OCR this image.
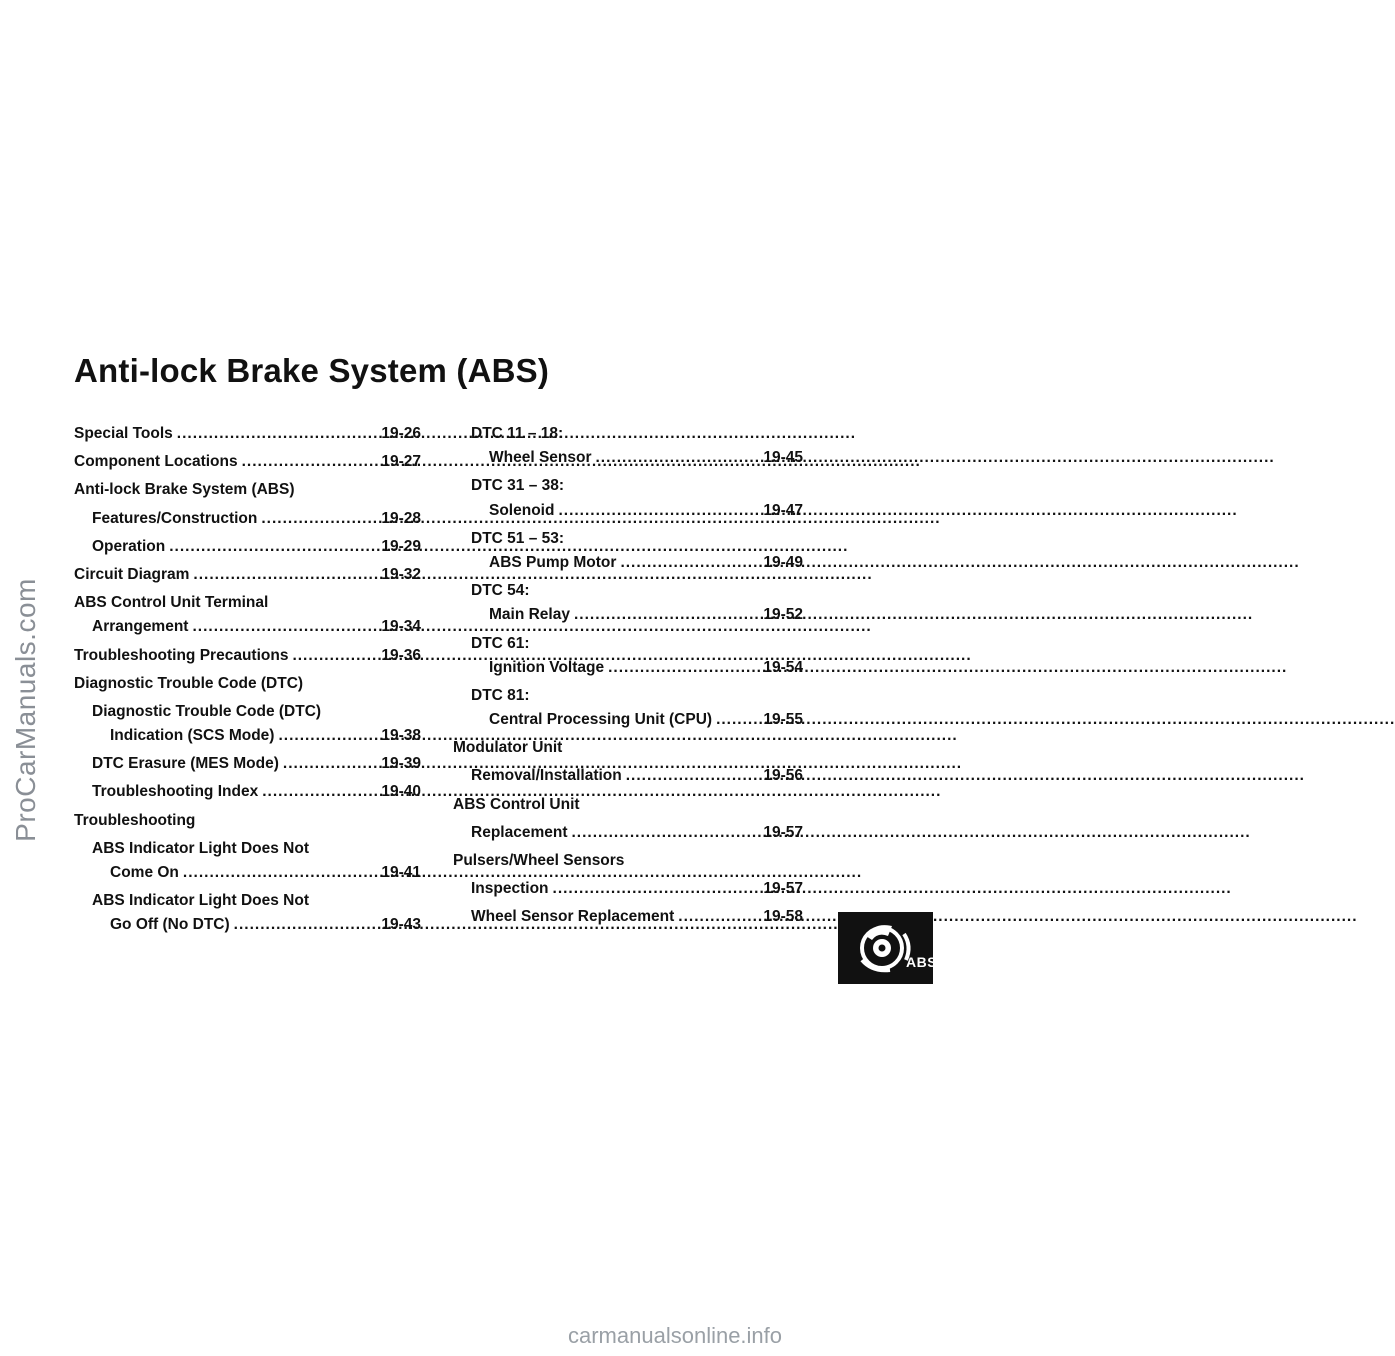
ProCarManuals.com
Anti-lock Brake System (ABS)
Special Tools .....	19-26
Component Locations .....	19-27
Anti-lock Brake System (ABS)
Features/Construction .....	19-28
Operation .....	19-29
Circuit Diagram .....	19-32
ABS Control Unit Terminal
Arrangement .....	19-34
Troubleshooting Precautions .....	19-36
Diagnostic Trouble Code (DTC)
Diagnostic Trouble Code (DTC)
Indication (SCS Mode) .....	19-38
DTC Erasure (MES Mode) .....	19-39
Troubleshooting Index .....	19-40
Troubleshooting
ABS Indicator Light Does Not
Come On .....	19-41
ABS Indicator Light Does Not
Go Off (No DTC) .....	19-43
DTC 11 – 18:
Wheel Sensor .....	19-45
DTC 31 – 38:
Solenoid .....	19-47
DTC 51 – 53:
ABS Pump Motor .....	19-49
DTC 54:
Main Relay .....	19-52
DTC 61:
Ignition Voltage .....	19-54
DTC 81:
Central Processing Unit (CPU) .....	19-55
Modulator Unit
Removal/Installation .....	19-56
ABS Control Unit
Replacement .....	19-57
Pulsers/Wheel Sensors
Inspection .....	19-57
Wheel Sensor Replacement .....	19-58
ABS
carmanualsonline.info
